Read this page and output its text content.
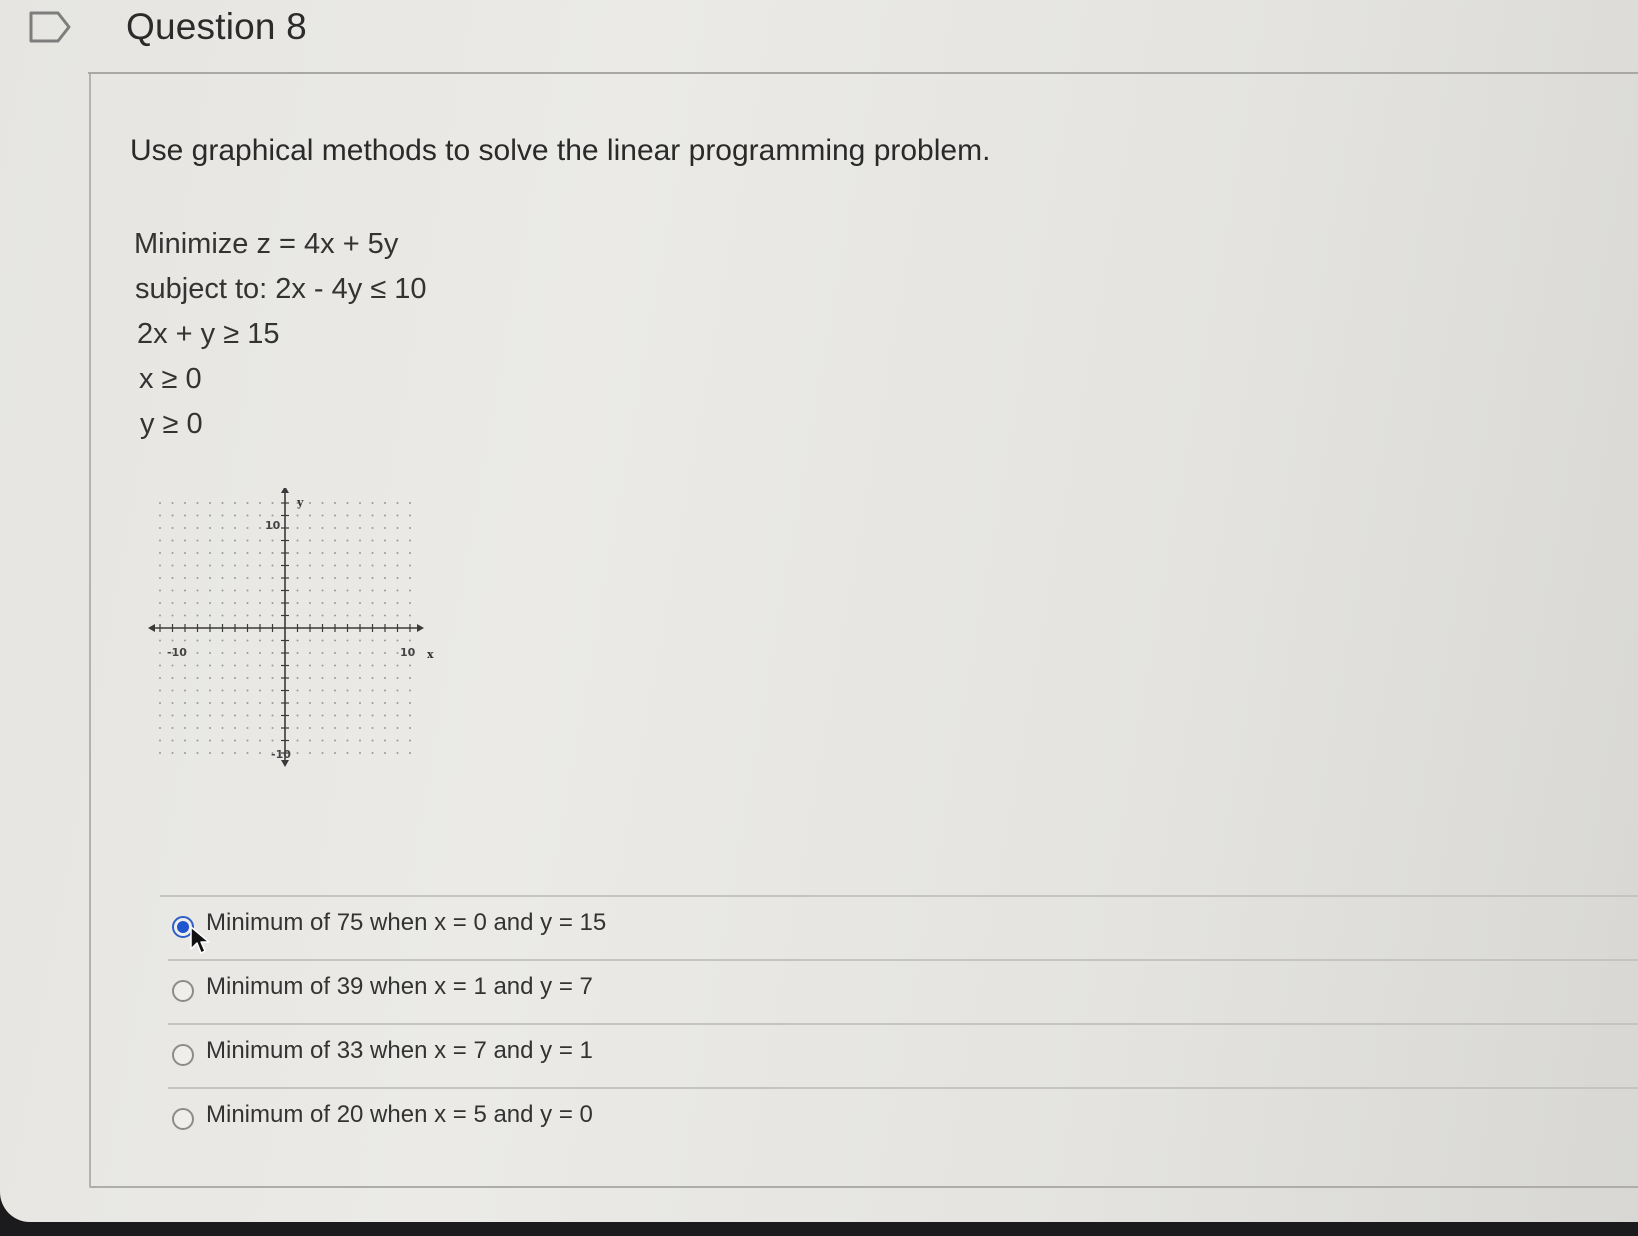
Question 8
Use graphical methods to solve the linear programming problem.
Minimize z = 4x + 5y
subject to: 2x - 4y ≤ 10
2x + y ≥ 15
x ≥ 0
y ≥ 0
y
x
-10	10
10
-10
Minimum of 75 when x = 0 and y = 15
Minimum of 39 when x = 1 and y = 7
Minimum of 33 when x = 7 and y = 1
Minimum of 20 when x = 5 and y = 0
